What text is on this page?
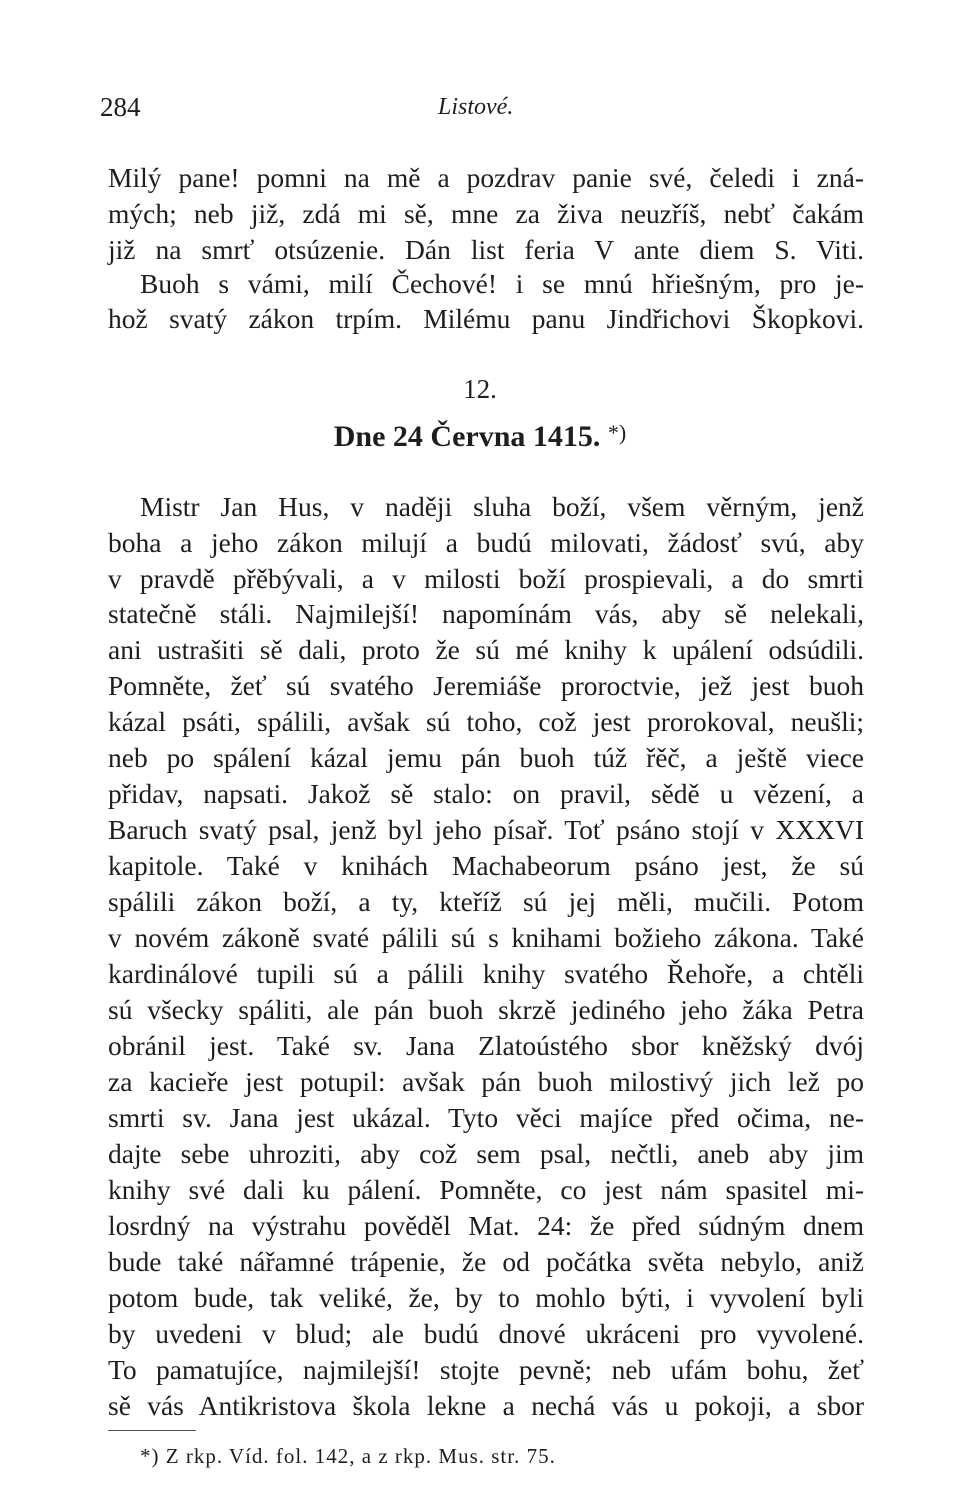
284	Listové.
Milý pane! pomni na mě a pozdrav panie své, čeledi i zná-
mých; neb již, zdá mi sě, mne za živa neuzříš, nebť čakám
již na smrť otsúzenie. Dán list feria V ante diem S. Viti.
Buoh s vámi, milí Čechové! i se mnú hřiešným, pro je-
hož svatý zákon trpím. Milému panu Jindřichovi Škopkovi.
12.
Dne 24 Června 1415. *)
Mistr Jan Hus, v naději sluha boží, všem věrným, jenž
boha a jeho zákon milují a budú milovati, žádosť svú, aby
v pravdě přěbývali, a v milosti boží prospievali, a do smrti
statečně stáli. Najmilejší! napomínám vás, aby sě nelekali,
ani ustrašiti sě dali, proto že sú mé knihy k upálení odsúdili.
Pomněte, žeť sú svatého Jeremiáše proroctvie, jež jest buoh
kázal psáti, spálili, avšak sú toho, což jest prorokoval, neušli;
neb po spálení kázal jemu pán buoh túž řěč, a ještě viece
přidav, napsati. Jakož sě stalo: on pravil, sědě u vězení, a
Baruch svatý psal, jenž byl jeho písař. Toť psáno stojí v XXXVI
kapitole. Také v knihách Machabeorum psáno jest, že sú
spálili zákon boží, a ty, kteříž sú jej měli, mučili. Potom
v novém zákoně svaté pálili sú s knihami božieho zákona. Také
kardinálové tupili sú a pálili knihy svatého Řehoře, a chtěli
sú všecky spáliti, ale pán buoh skrzě jediného jeho žáka Petra
obránil jest. Také sv. Jana Zlatoústého sbor kněžský dvój
za kacieře jest potupil: avšak pán buoh milostivý jich lež po
smrti sv. Jana jest ukázal. Tyto věci majíce před očima, ne-
dajte sebe uhroziti, aby což sem psal, nečtli, aneb aby jim
knihy své dali ku pálení. Pomněte, co jest nám spasitel mi-
losrdný na výstrahu pověděl Mat. 24: že před súdným dnem
bude také nářamné trápenie, že od počátka světa nebylo, aniž
potom bude, tak veliké, že, by to mohlo býti, i vyvolení byli
by uvedeni v blud; ale budú dnové ukráceni pro vyvolené.
To pamatujíce, najmilejší! stojte pevně; neb ufám bohu, žeť
sě vás Antikristova škola lekne a nechá vás u pokoji, a sbor
*) Z rkp. Víd. fol. 142, a z rkp. Mus. str. 75.
